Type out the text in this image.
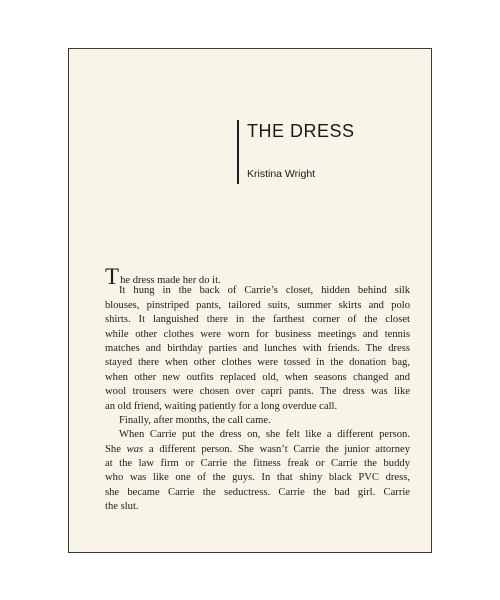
THE DRESS
Kristina Wright
The dress made her do it.
It hung in the back of Carrie’s closet, hidden behind silk
blouses, pinstriped pants, tailored suits, summer skirts and polo
shirts. It languished there in the farthest corner of the closet
while other clothes were worn for business meetings and tennis
matches and birthday parties and lunches with friends. The dress
stayed there when other clothes were tossed in the donation bag,
when other new outfits replaced old, when seasons changed and
wool trousers were chosen over capri pants. The dress was like
an old friend, waiting patiently for a long overdue call.
Finally, after months, the call came.
When Carrie put the dress on, she felt like a different person.
She was a different person. She wasn’t Carrie the junior attorney
at the law firm or Carrie the fitness freak or Carrie the buddy
who was like one of the guys. In that shiny black PVC dress,
she became Carrie the seductress. Carrie the bad girl. Carrie
the slut.
